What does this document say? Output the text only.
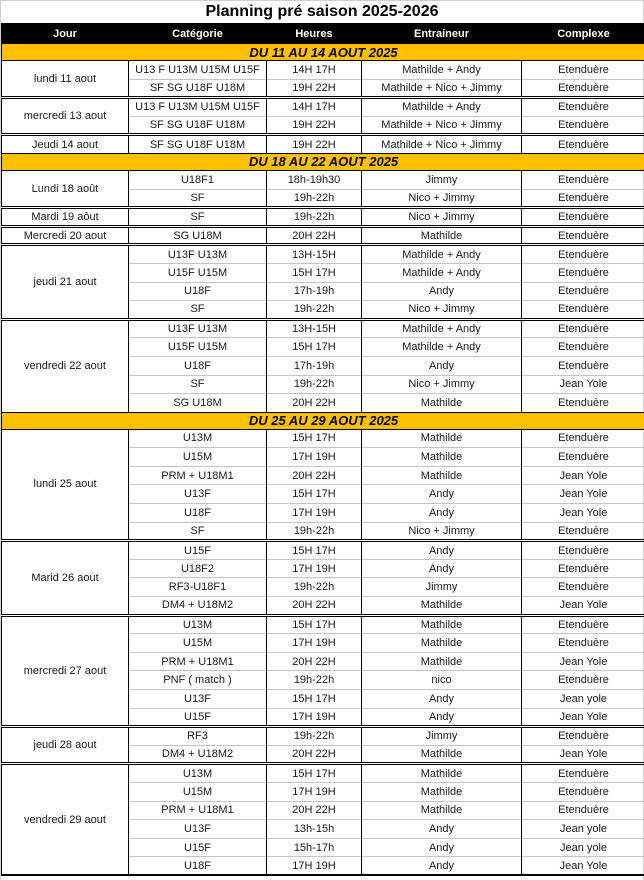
Planning pré saison 2025-2026
Jour	Catégorie	Heures	Entraineur	Complexe
DU 11 AU 14 AOUT 2025				
lundi 11 aout	U13 F U13M U15M U15F	14H 17H	Mathilde + Andy	Etenduère
	SF SG U18F U18M	19H 22H	Mathilde + Nico + Jimmy	Etenduère
mercredi 13 aout	U13 F U13M U15M U15F	14H 17H	Mathilde + Andy	Etenduère
	SF SG U18F U18M	19H 22H	Mathilde + Nico + Jimmy	Etenduère
Jeudi 14 aout	SF SG U18F U18M	19H 22H	Mathilde + Nico + Jimmy	Etenduère
DU 18 AU 22 AOUT 2025				
Lundi 18 août	U18F1	18h-19h30	Jimmy	Etenduère
	SF	19h-22h	Nico + Jimmy	Etenduère
Mardi 19 aôut	SF	19h-22h	Nico + Jimmy	Etenduère
Mercredi 20 aout	SG U18M	20H 22H	Mathilde	Etenduère
jeudi 21 aout	U13F U13M	13H-15H	Mathilde + Andy	Etenduère
	U15F U15M	15H 17H	Mathilde + Andy	Etenduère
	U18F	17h-19h	Andy	Etenduère
	SF	19h-22h	Nico + Jimmy	Etenduère
vendredi 22 aout	U13F U13M	13H-15H	Mathilde + Andy	Etenduère
	U15F U15M	15H 17H	Mathilde + Andy	Etenduère
	U18F	17h-19h	Andy	Etenduère
	SF	19h-22h	Nico + Jimmy	Jean Yole
	SG U18M	20H 22H	Mathilde	Etenduère
DU 25 AU 29 AOUT 2025				
lundi 25 aout	U13M	15H 17H	Mathilde	Etenduère
	U15M	17H 19H	Mathilde	Etenduère
	PRM + U18M1	20H 22H	Mathilde	Jean Yole
	U13F	15H 17H	Andy	Jean Yole
	U18F	17H 19H	Andy	Jean Yole
	SF	19h-22h	Nico + Jimmy	Etenduère
Marid 26 aout	U15F	15H 17H	Andy	Etenduère
	U18F2	17H 19H	Andy	Etenduère
	RF3-U18F1	19h-22h	Jimmy	Etenduère
	DM4 + U18M2	20H 22H	Mathilde	Jean Yole
mercredi 27 aout	U13M	15H 17H	Mathilde	Etenduère
	U15M	17H 19H	Mathilde	Etenduère
	PRM + U18M1	20H 22H	Mathilde	Jean Yole
	PNF ( match )	19h-22h	nico	Etenduère
	U13F	15H 17H	Andy	Jean yole
	U15F	17H 19H	Andy	Jean Yole
jeudi 28 aout	RF3	19h-22h	Jimmy	Etenduère
	DM4 + U18M2	20H 22H	Mathilde	Jean Yole
vendredi 29 aout	U13M	15H 17H	Mathilde	Etenduère
	U15M	17H 19H	Mathilde	Etenduère
	PRM + U18M1	20H 22H	Mathilde	Etenduère
	U13F	13h-15h	Andy	Jean yole
	U15F	15h-17h	Andy	Jean yole
	U18F	17H 19H	Andy	Jean Yole
